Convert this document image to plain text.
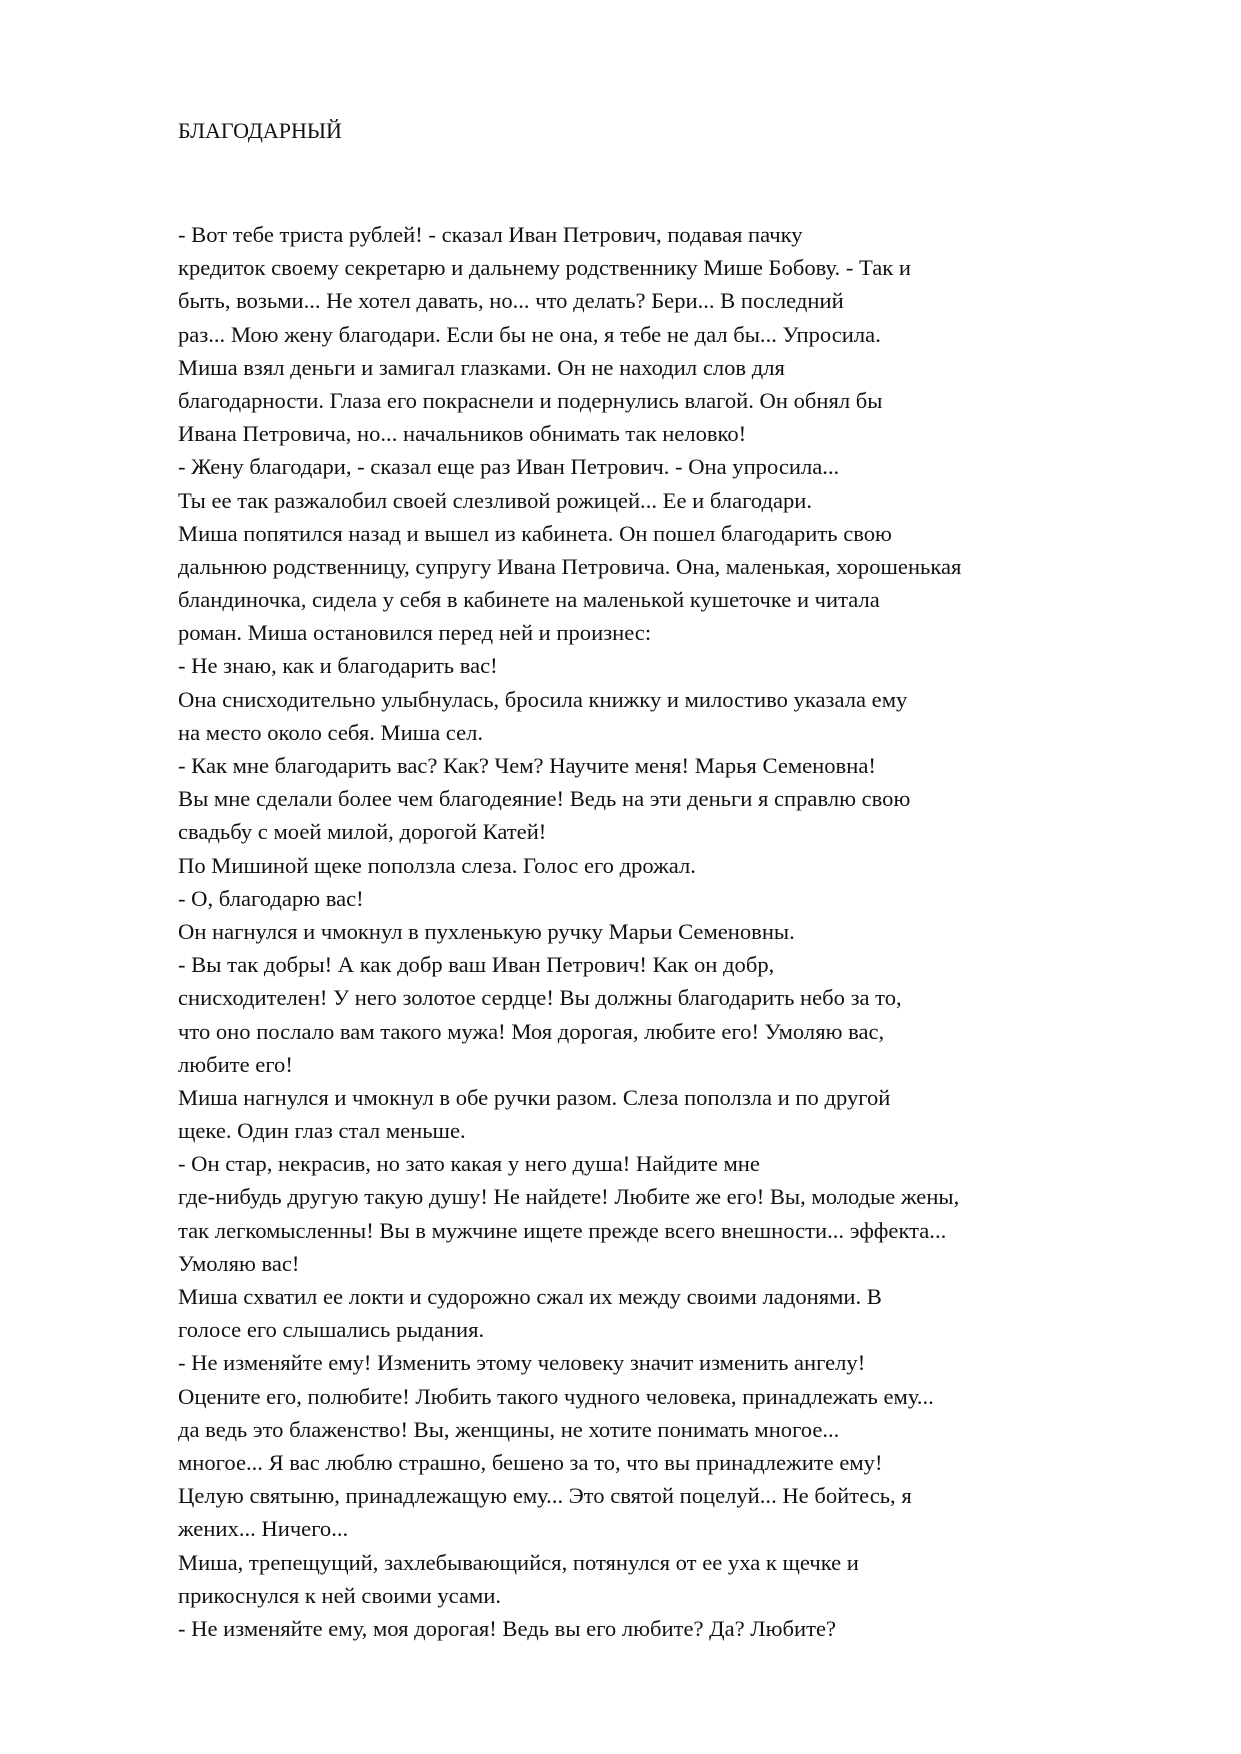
БЛАГОДАРНЫЙ
- Вот тебе триста рублей! - сказал Иван Петрович, подавая пачку
кредиток своему секретарю и дальнему родственнику Мише Бобову. - Так и
быть, возьми... Не хотел давать, но... что делать? Бери... В последний
раз... Мою жену благодари. Если бы не она, я тебе не дал бы... Упросила.
Миша взял деньги и замигал глазками. Он не находил слов для
благодарности. Глаза его покраснели и подернулись влагой. Он обнял бы
Ивана Петровича, но... начальников обнимать так неловко!
- Жену благодари, - сказал еще раз Иван Петрович. - Она упросила...
Ты ее так разжалобил своей слезливой рожицей... Ее и благодари.
Миша попятился назад и вышел из кабинета. Он пошел благодарить свою
дальнюю родственницу, супругу Ивана Петровича. Она, маленькая, хорошенькая
бландиночка, сидела у себя в кабинете на маленькой кушеточке и читала
роман. Миша остановился перед ней и произнес:
- Не знаю, как и благодарить вас!
Она снисходительно улыбнулась, бросила книжку и милостиво указала ему
на место около себя. Миша сел.
- Как мне благодарить вас? Как? Чем? Научите меня! Марья Семеновна!
Вы мне сделали более чем благодеяние! Ведь на эти деньги я справлю свою
свадьбу с моей милой, дорогой Катей!
По Мишиной щеке поползла слеза. Голос его дрожал.
- О, благодарю вас!
Он нагнулся и чмокнул в пухленькую ручку Марьи Семеновны.
- Вы так добры! А как добр ваш Иван Петрович! Как он добр,
снисходителен! У него золотое сердце! Вы должны благодарить небо за то,
что оно послало вам такого мужа! Моя дорогая, любите его! Умоляю вас,
любите его!
Миша нагнулся и чмокнул в обе ручки разом. Слеза поползла и по другой
щеке. Один глаз стал меньше.
- Он стар, некрасив, но зато какая у него душа! Найдите мне
где-нибудь другую такую душу! Не найдете! Любите же его! Вы, молодые жены,
так легкомысленны! Вы в мужчине ищете прежде всего внешности... эффекта...
Умоляю вас!
Миша схватил ее локти и судорожно сжал их между своими ладонями. В
голосе его слышались рыдания.
- Не изменяйте ему! Изменить этому человеку значит изменить ангелу!
Оцените его, полюбите! Любить такого чудного человека, принадлежать ему...
да ведь это блаженство! Вы, женщины, не хотите понимать многое...
многое... Я вас люблю страшно, бешено за то, что вы принадлежите ему!
Целую святыню, принадлежащую ему... Это святой поцелуй... Не бойтесь, я
жених... Ничего...
Миша, трепещущий, захлебывающийся, потянулся от ее уха к щечке и
прикоснулся к ней своими усами.
- Не изменяйте ему, моя дорогая! Ведь вы его любите? Да? Любите?
